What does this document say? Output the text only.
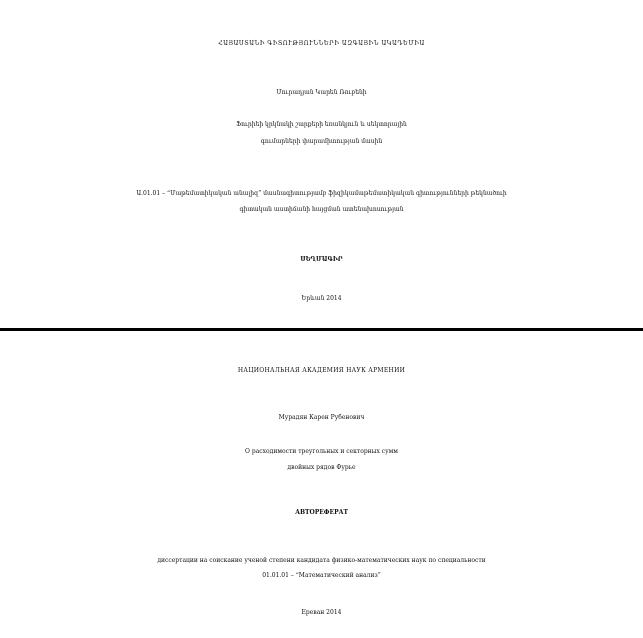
ՀԱՅԱՍՏԱՆԻ ԳԻՏՈՒԹՅՈՒՆՆԵՐԻ ԱԶԳԱՅԻՆ ԱԿԱԴԵՄԻԱ
Մուրադյան Կարեն Ռուբենի
Ֆուրիեի կրկնակի շարքերի եռանկյուն և սեկտորային
գումարների փարամիտության մասին
Ա.01.01 – “Մաթեմատիկական անալիզ” մասնագիտությամբ ֆիզիկամաթեմատիկական գիտությունների թեկնածուի
գիտական աստիճանի հայցման ատենախոսության
ՍԵՂՄԱԳԻՐ
Երևան 2014
НАЦИОНАЛЬНАЯ АКАДЕМИЯ НАУК АРМЕНИИ
Мурадян Карен Рубенович
О расходимости треугольных и секторных сумм
двойных рядов Фурье
АВТОРЕФЕРАТ
диссертации на соискание ученой степени кандидата физико-математических наук по специальности
01.01.01 – “Математический анализ”
Ереван 2014
